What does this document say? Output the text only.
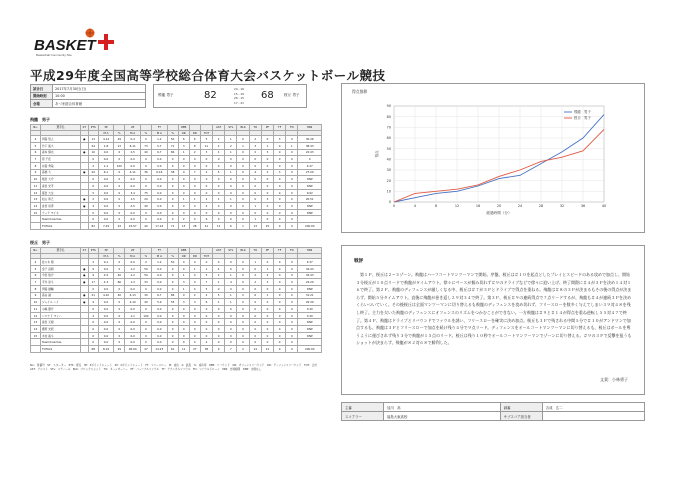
BASKET
Basketball Community Site
平成29年度全国高等学校総合体育大会バスケットボール競技
試合日	2017年7月30日(日)
開始時刻	10:00
会場	あづま総合体育館
飛龍 男子	82
24 - 16
15 - 19
26 - 15
17 - 21
68	桜丘 男子
飛龍　男子
No.	選手名	ST	PTS	3P		2P		FT		REB			AST	STL	BLK	TO	PF	TF	FD	MIN
				M A	%	M A	%	M A	%	OR	DR	TOT								
4	伊藤 悠人	●	13	4-14	29	0-4	0	1-2	50	6	6	5	2	1	0	2	0	3	0	30:26
5	竹下 裕大		24	1-8	13	8-11	73	5-7	71	3	8	11	2	2	1	3	1	0	1	38:43
6	森本 慎也	●	10	0-0	0	2-5	40	6-7	86	1	2	3	1	1	0	2	3	0	0	22:43
7	原 千佳		0	0-0	0	0-0	0	0-0	0	0	0	0	0	0	0	0	0	0	0	0
8	井藤 秀哉		2	1-1	100	0-0	0	0-0	0	0	0	0	0	0	0	0	0	0	0	4:27
9	高橋 大	●	20	6-1	0	4-11	36	6-16	38	0	7	2	5	1	0	4	2	3	0	27:09
10	飯田 大介		0	0-0	0	0-0	0	0-0	0	0	0	0	0	0	0	0	0	0	0	DNP
11	森田 光平		0	0-0	0	0-0	0	0-0	0	0	0	0	0	0	0	0	0	0	0	DNP
12	富田 大生		5	0-0	0	3-4	75	0-0	0	0	0	0	0	0	0	0	0	0	0	9:02
13	松山 和己	●	2	0-0	0	1-5	20	0-0	0	1	1	2	1	1	0	0	3	0	0	20:51
14	倉田 将季	●	4	0-0	0	2-5	40	0-0	0	0	4	4	0	0	0	1	0	0	0	DNP
15	ウェア マイネ		0	0-0	0	0-0	0	0-0	0	0	0	0	0	0	0	0	0	0	0	DNP
	Team/Coaches		0	0-0	0	0-0	0	0-0	0	2	4	6	0	0	0	1	0	0	0	
	TOTALS		82	7-29	24	23-57	40	17-24	71	13	28	41	11	6	1	13	25	0	0	200:00
桜丘　男子
No.	選手名	ST	PTS	3P		2P		FT		REB			AST	STL	BLK	TO	PF	TF	FD	MIN
				M A	%	M A	%	M A	%	OR	DR	TOT								
4	佐々木 翔		2	0-1	0	0-0	0	1-2	50	0	0	0	0	0	0	1	0	0	0	4:37
5	金子 昌朝	●	9	0-0	0	1-2	50	0-0	0	0	1	1	4	0	0	0	1	0	0	34:43
6	今田 俊介	●	9	2-5	40	1-2	50	0-0	0	1	4	5	2	1	0	2	2	0	0	34:43
7	平井 崇斗	●	17	2-3	66	1-3	33	0-0	0	3	4	7	1	4	0	2	3	0	0	24:29
8	伊藤 健輔		0	0-0	0	0-0	0	0-0	0	1	4	5	0	0	0	0	0	0	0	DNP
9	高谷 誠	●	21	4-10	40	4-13	30	6-7	86	0	2	2	5	1	2	6	1	0	0	31:21
10	ジャイル ハイ	●	9	0-0	0	4-10	40	5-9	55	3	3	6	1	1	0	0	0	0	0	29:39
11	小嶋 優介		0	0-0	0	0-0	0	0-0	0	0	0	0	0	0	0	0	0	0	0	3:20
12	コロナド マッハ		2	0-0	0	1-1	100	0-0	0	0	0	0	0	0	0	0	0	0	0	3:20
13	森田 元樹		0	0-0	0	0-0	0	0-0	0	0	0	0	0	0	0	0	0	0	0	DNP
14	樫原 光毅		0	0-0	0	0-0	0	0-0	0	0	0	0	0	0	0	0	0	0	0	DNP
15	木村 裕斗		0	0-0	0	0-0	0	0-0	0	0	0	0	0	0	0	0	0	0	0	DNP
	Team/Coaches		0	0-0	0	0-0	0	0-0	0	0	4	4	0	0	0	0	0	0	0	
	TOTALS		68	8-19	29	28-60	47	14-23	61	11	27	38	9	7	2	14	21	0	0	200:00
No.：背番号　ST：スターター　PTS：得点　3P：3ポイントシュート　2P：2ポイントシュート　FT：フリースロー　M：成功　A：試投　%：成功率　REB：リバウンド　OR：オフェンスリバウンド　DR：ディフェンスリバウンド　TOT：合計　AST：アシスト　STL：スティール　BLK：ブロックショット　TO：ターンオーバー　PF：パーソナルファウル　TF：テクニカルファウル　FD：ファウルドローン　MIN：出場時間　DNP：出場なし
得点推移
0
10
20
30
40
50
60
70
80
90
0	4	8	12	16	20	24	28	32	36	40
経過時間（分）
得点
飛龍　男子
桜丘　男子
戦評
第１Ｐ、桜丘は２−３ゾーン。飛龍はハーフコートマンツーマンで開始。序盤、桜丘は＃１０を起点としたプレイとスピードのある攻めで加点し、開始３分桜丘が１０点リードで飛龍がタイムアウト。徐々にペースが掴み切れず＃９のドライブなどで徐々に追い上げ、終了間際に＃４が３Ｐを決め１４対１６で終了。第２Ｐ、飛龍のディフェンスが厳しくなる中、桜丘は＃７が３Ｐとドライブで得点を重ねる。飛龍は＃８の３Ｐが決まるもその後の得点が決まらず、開始５分タイムアウト。直後に飛龍が巻き返し２９対３４で終了。第３Ｐ、桜丘＃９の連続得点で７点リードするが、飛龍も＃４が連続３Ｐを決めくらいついていく。その後桜丘は全面マンツーマンに切り替えるも飛龍のディフェンスを攻め切れず、フリースローを数多く与えてしまい３９対４８を残し終了。主力を欠いた飛龍のディフェンスにオフェンスのリズムをつかむことができない。一方飛龍は＃９と＃１４が得点を重ね逆転し５５対４７で終了。第４Ｐ、飛龍はドライブとリバウンドでファウルを誘い、フリースローを確実に決め加点。桜丘も３Ｐで残される中間５分で＃１０がアンドワンで加点するも、飛龍は３Ｐとフリースローで加点を続け残り４分で９点リード。ディフェンスをオールコートマンツーマンに切り替えるも、桜丘はボールを奪うように運びされず残り３分で飛龍が１５点のリード。桜丘は残り１０秒でオールコートマンツーマンでゾーンに切り替える。＃９の３Ｐで反撃を狙うもショットが決まらず、飛龍が８２対６８で勝利した。
文責：小林勇子
主審	加川　高	副審	吉成　広二
スコアラー	福島大東高校	サブスコア担当者	
